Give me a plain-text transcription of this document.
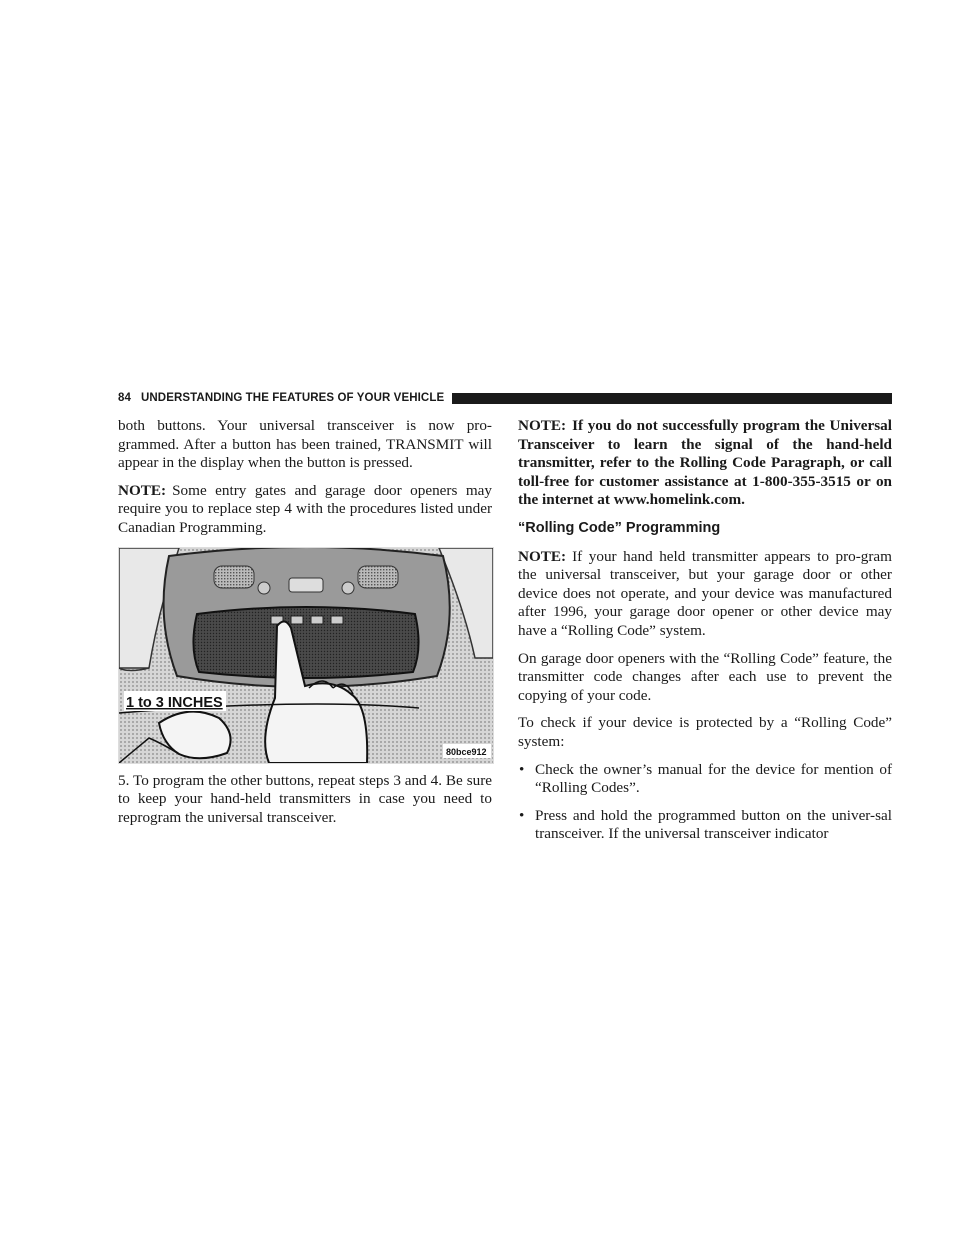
84 UNDERSTANDING THE FEATURES OF YOUR VEHICLE

both buttons. Your universal transceiver is now pro-grammed. After a button has been trained, TRANSMIT will appear in the display when the button is pressed.

NOTE: Some entry gates and garage door openers may require you to replace step 4 with the procedures listed under Canadian Programming.

1 to 3 INCHES
80bce912

5. To program the other buttons, repeat steps 3 and 4. Be sure to keep your hand-held transmitters in case you need to reprogram the universal transceiver.

NOTE: If you do not successfully program the Universal Transceiver to learn the signal of the hand-held transmitter, refer to the Rolling Code Paragraph, or call toll-free for customer assistance at 1-800-355-3515 or on the internet at www.homelink.com.

“Rolling Code” Programming

NOTE: If your hand held transmitter appears to pro-gram the universal transceiver, but your garage door or other device does not operate, and your device was manufactured after 1996, your garage door opener or other device may have a “Rolling Code” system.

On garage door openers with the “Rolling Code” feature, the transmitter code changes after each use to prevent the copying of your code.

To check if your device is protected by a “Rolling Code” system:

• Check the owner’s manual for the device for mention of “Rolling Codes”.
• Press and hold the programmed button on the univer-sal transceiver. If the universal transceiver indicator
